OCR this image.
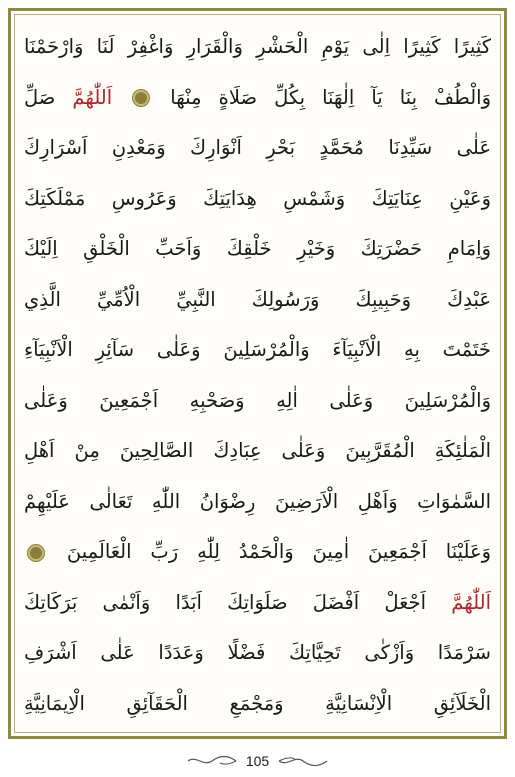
كَثِيرًا كَثِيرًا اِلٰى يَوْمِ الْحَشْرِ وَالْقَرَارِ وَاغْفِرْ لَنَا وَارْحَمْنَا
وَالْطُفْ بِنَا يَآ اِلٰهَنَا بِكُلِّ صَلَاةٍ مِنْهَا  اَللّٰهُمَّ صَلِّ
عَلٰى سَيِّدِنَا مُحَمَّدٍ بَحْرِ اَنْوَارِكَ وَمَعْدِنِ اَسْرَارِكَ
وَعَيْنِ عِنَايَتِكَ وَشَمْسِ هِدَايَتِكَ وَعَرُوسِ مَمْلَكَتِكَ
وَاِمَامِ حَضْرَتِكَ وَخَيْرِ خَلْقِكَ وَاَحَبِّ الْخَلْقِ اِلَيْكَ
عَبْدِكَ وَحَبِيبِكَ وَرَسُولِكَ النَّبِيِّ الْاُمِّيِّ الَّذِي
خَتَمْتَ بِهِ الْاَنْبِيَآءَ وَالْمُرْسَلِينَ وَعَلٰى سَآئِرِ الْاَنْبِيَآءِ
وَالْمُرْسَلِينَ وَعَلٰى اٰلِهِ وَصَحْبِهِ اَجْمَعِينَ وَعَلٰى
الْمَلٰئِكَةِ الْمُقَرَّبِينَ وَعَلٰى عِبَادِكَ الصَّالِحِينَ مِنْ اَهْلِ
السَّمٰوَاتِ وَاَهْلِ الْاَرَضِينَ رِضْوَانُ اللّٰهِ تَعَالٰى عَلَيْهِمْ
وَعَلَيْنَا اَجْمَعِينَ اٰمِينَ وَالْحَمْدُ لِلّٰهِ رَبِّ الْعَالَمِينَ
اَللّٰهُمَّ اَجْعَلْ اَفْضَلَ صَلَوَاتِكَ اَبَدًا وَاَنْمٰى بَرَكَاتِكَ
سَرْمَدًا وَاَزْكٰى تَحِيَّاتِكَ فَضْلًا وَعَدَدًا عَلٰى اَشْرَفِ
الْخَلَآئِقِ الْاِنْسَانِيَّةِ وَمَجْمَعِ الْحَقَآئِقِ الْاِيمَانِيَّةِ
105
